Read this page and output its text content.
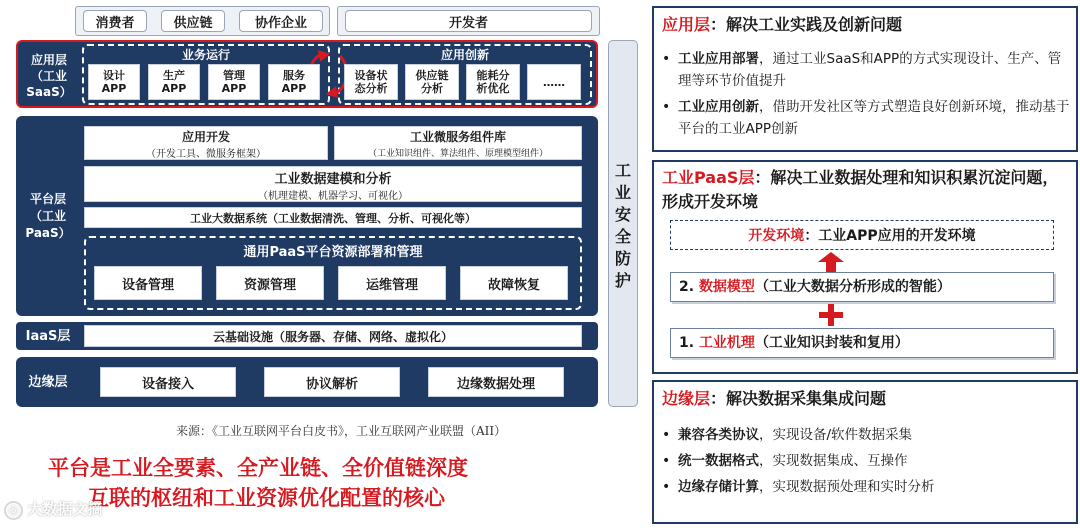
消费者	供应链	协作企业	开发者
应用层（工业SaaS）
业务运行	应用创新
平台层（工业PaaS）
应用开发
（开发工具、微服务框架）
工业微服务组件库
（工业知识组件、算法组件、原理模型组件）
工业数据建模和分析
（机理建模、机器学习、可视化）
工业大数据系统（工业数据清洗、管理、分析、可视化等）
通用PaaS平台资源部署和管理
IaaS层	云基础设施（服务器、存储、网络、虚拟化）
边缘层
工业安全防护
来源：《工业互联网平台白皮书》，工业互联网产业联盟（AII）
平台是工业全要素、全产业链、全价值链深度
互联的枢纽和工业资源优化配置的核心
◎ 大数据文摘
应用层：解决工业实践及创新问题
• 工业应用部署，通过工业SaaS和APP的方式实现设计、生产、管理等环节价值提升
• 工业应用创新，借助开发社区等方式塑造良好创新环境，推动基于平台的工业APP创新
工业PaaS层：解决工业数据处理和知识积累沉淀问题，形成开发环境
开发环境 ：工业APP应用的开发环境
2. 数据模型（工业大数据分析形成的智能）
1. 工业机理（工业知识封装和复用）
边缘层：解决数据采集集成问题
• 兼容各类协议，实现设备/软件数据采集
• 统一数据格式，实现数据集成、互操作
• 边缘存储计算，实现数据预处理和实时分析
设计APP
生产APP
管理APP
服务APP
设备状态分析
供应链分析
能耗分析优化	……
设备管理	资源管理	运维管理	故障恢复
设备接入	协议解析	边缘数据处理
